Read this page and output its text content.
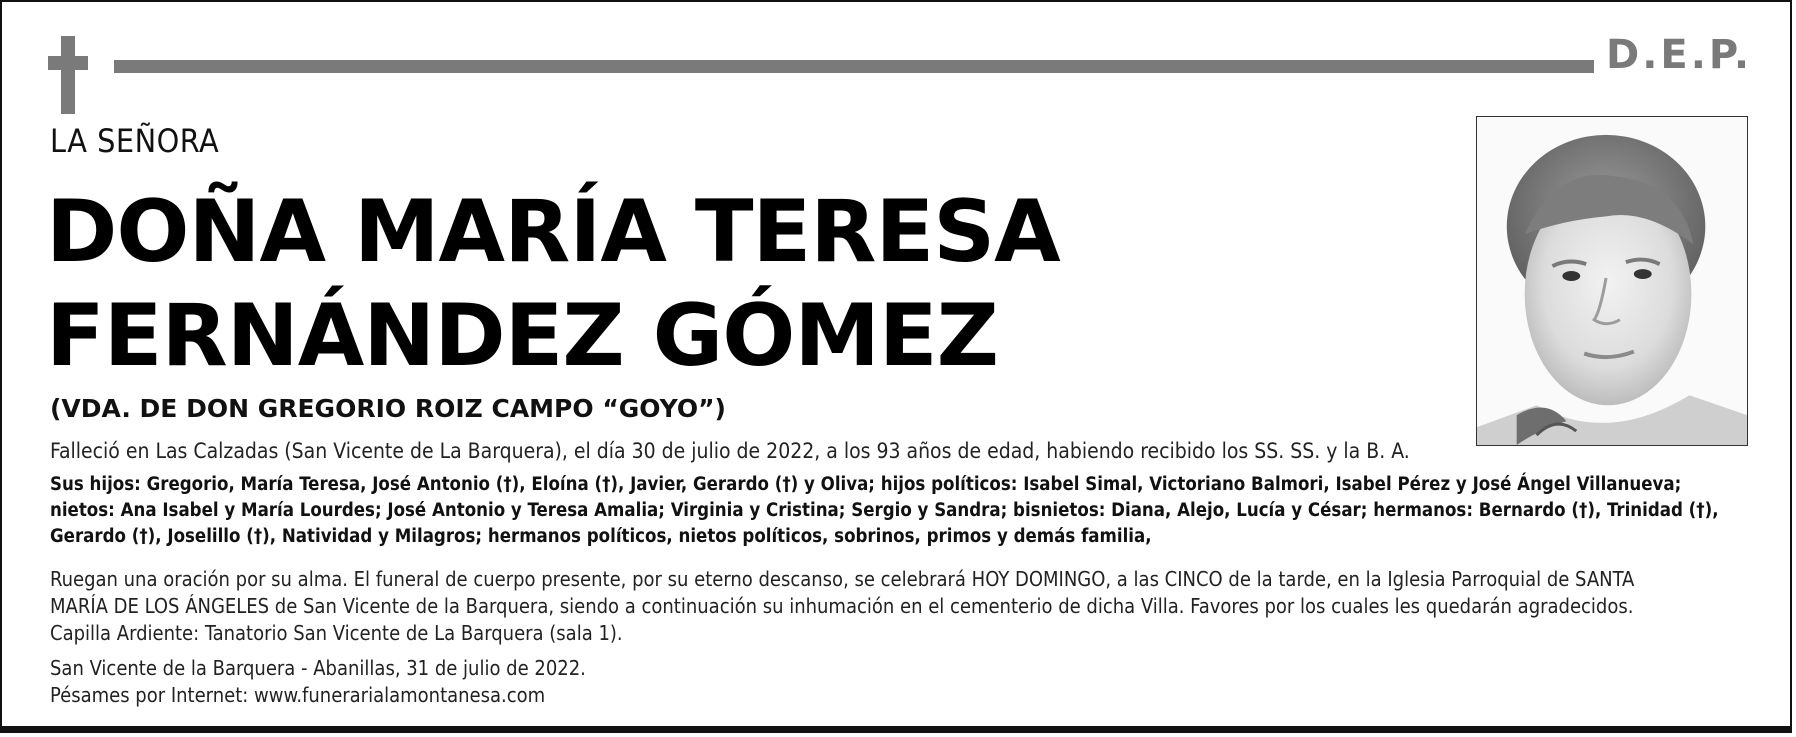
D.E.P.
LA SEÑORA
DOÑA MARÍA TERESA
FERNÁNDEZ GÓMEZ
(VDA. DE DON GREGORIO ROIZ CAMPO “GOYO”)
Falleció en Las Calzadas (San Vicente de La Barquera), el día 30 de julio de 2022, a los 93 años de edad, habiendo recibido los SS. SS. y la B. A.
Sus hijos: Gregorio, María Teresa, José Antonio (†), Eloína (†), Javier, Gerardo (†) y Oliva; hijos políticos: Isabel Simal, Victoriano Balmori, Isabel Pérez y José Ángel Villanueva;
nietos: Ana Isabel y María Lourdes; José Antonio y Teresa Amalia; Virginia y Cristina; Sergio y Sandra; bisnietos: Diana, Alejo, Lucía y César; hermanos: Bernardo (†), Trinidad (†),
Gerardo (†), Joselillo (†), Natividad y Milagros; hermanos políticos, nietos políticos, sobrinos, primos y demás familia,
Ruegan una oración por su alma. El funeral de cuerpo presente, por su eterno descanso, se celebrará HOY DOMINGO, a las CINCO de la tarde, en la Iglesia Parroquial de SANTA
MARÍA DE LOS ÁNGELES de San Vicente de la Barquera, siendo a continuación su inhumación en el cementerio de dicha Villa. Favores por los cuales les quedarán agradecidos.
Capilla Ardiente: Tanatorio San Vicente de La Barquera (sala 1).
San Vicente de la Barquera - Abanillas, 31 de julio de 2022.
Pésames por Internet: www.funerarialamontanesa.com
